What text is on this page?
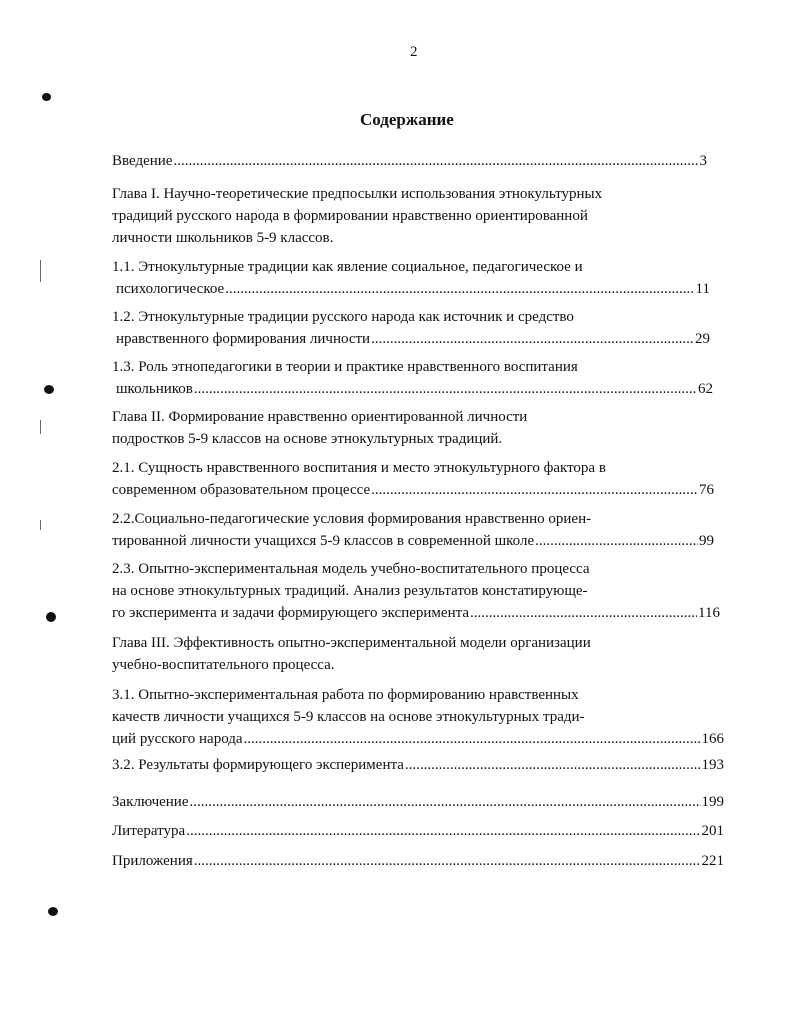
2
Содержание
Введение .....	3
Глава I. Научно-теоретические предпосылки использования этнокультурных
традиций русского народа в формировании нравственно ориентированной
личности школьников 5-9 классов.
1.1. Этнокультурные традиции как явление социальное, педагогическое и
психологическое .....	11
1.2. Этнокультурные традиции русского народа как источник и средство
нравственного формирования личности .....	29
1.3. Роль этнопедагогики в теории и практике нравственного воспитания
школьников .....	62
Глава II. Формирование нравственно ориентированной личности
подростков 5-9 классов на основе этнокультурных традиций.
2.1. Сущность нравственного воспитания и место этнокультурного фактора в
современном образовательном процессе .....	76
2.2.Социально-педагогические условия формирования нравственно ориен-
тированной личности учащихся 5-9 классов в современной школе .....	99
2.3. Опытно-экспериментальная модель учебно-воспитательного процесса
на основе этнокультурных традиций. Анализ результатов констатирующе-
го эксперимента и задачи формирующего эксперимента .....	116
Глава III. Эффективность опытно-экспериментальной модели организации
учебно-воспитательного процесса.
3.1. Опытно-экспериментальная работа по формированию нравственных
качеств личности учащихся 5-9 классов на основе этнокультурных тради-
ций русского народа .....	166
3.2. Результаты формирующего эксперимента .....	193
Заключение .....	199
Литература .....	201
Приложения .....	221
